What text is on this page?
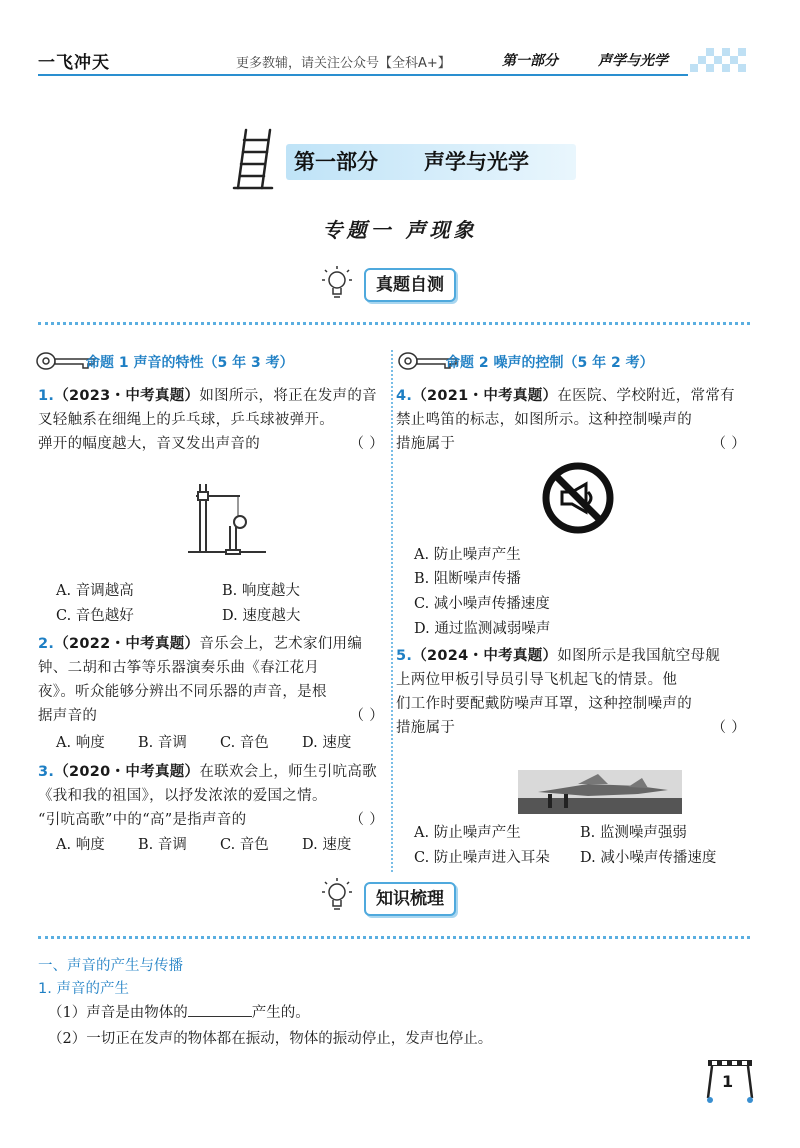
一飞冲天	更多教辅，请关注公众号【全科A+】	第一部分	声学与光学
第一部分 声学与光学
专题一 声现象
真题自测
命题 1 声音的特性（5 年 3 考）
1.（2023・中考真题）如图所示，将正在发声的音
叉轻触系在细绳上的乒乓球，乒乓球被弹开。
弹开的幅度越大，音叉发出声音的	（ ）
A. 音调越高	B. 响度越大
C. 音色越好	D. 速度越大
2.（2022・中考真题）音乐会上，艺术家们用编
钟、二胡和古筝等乐器演奏乐曲《春江花月
夜》。听众能够分辨出不同乐器的声音，是根
据声音的	（ ）
A. 响度	B. 音调	C. 音色	D. 速度
3.（2020・中考真题）在联欢会上，师生引吭高歌
《我和我的祖国》，以抒发浓浓的爱国之情。
“引吭高歌”中的“高”是指声音的	（ ）
A. 响度	B. 音调	C. 音色	D. 速度
命题 2 噪声的控制（5 年 2 考）
4.（2021・中考真题）在医院、学校附近，常常有
禁止鸣笛的标志，如图所示。这种控制噪声的
措施属于	（ ）
A. 防止噪声产生
B. 阻断噪声传播
C. 减小噪声传播速度
D. 通过监测减弱噪声
5.（2024・中考真题）如图所示是我国航空母舰
上两位甲板引导员引导飞机起飞的情景。他
们工作时要配戴防噪声耳罩，这种控制噪声的
措施属于	（ ）
A. 防止噪声产生	B. 监测噪声强弱
C. 防止噪声进入耳朵	D. 减小噪声传播速度
知识梳理
一、声音的产生与传播
1. 声音的产生
（1）声音是由物体的	产生的。
（2）一切正在发声的物体都在振动，物体的振动停止，发声也停止。
1
